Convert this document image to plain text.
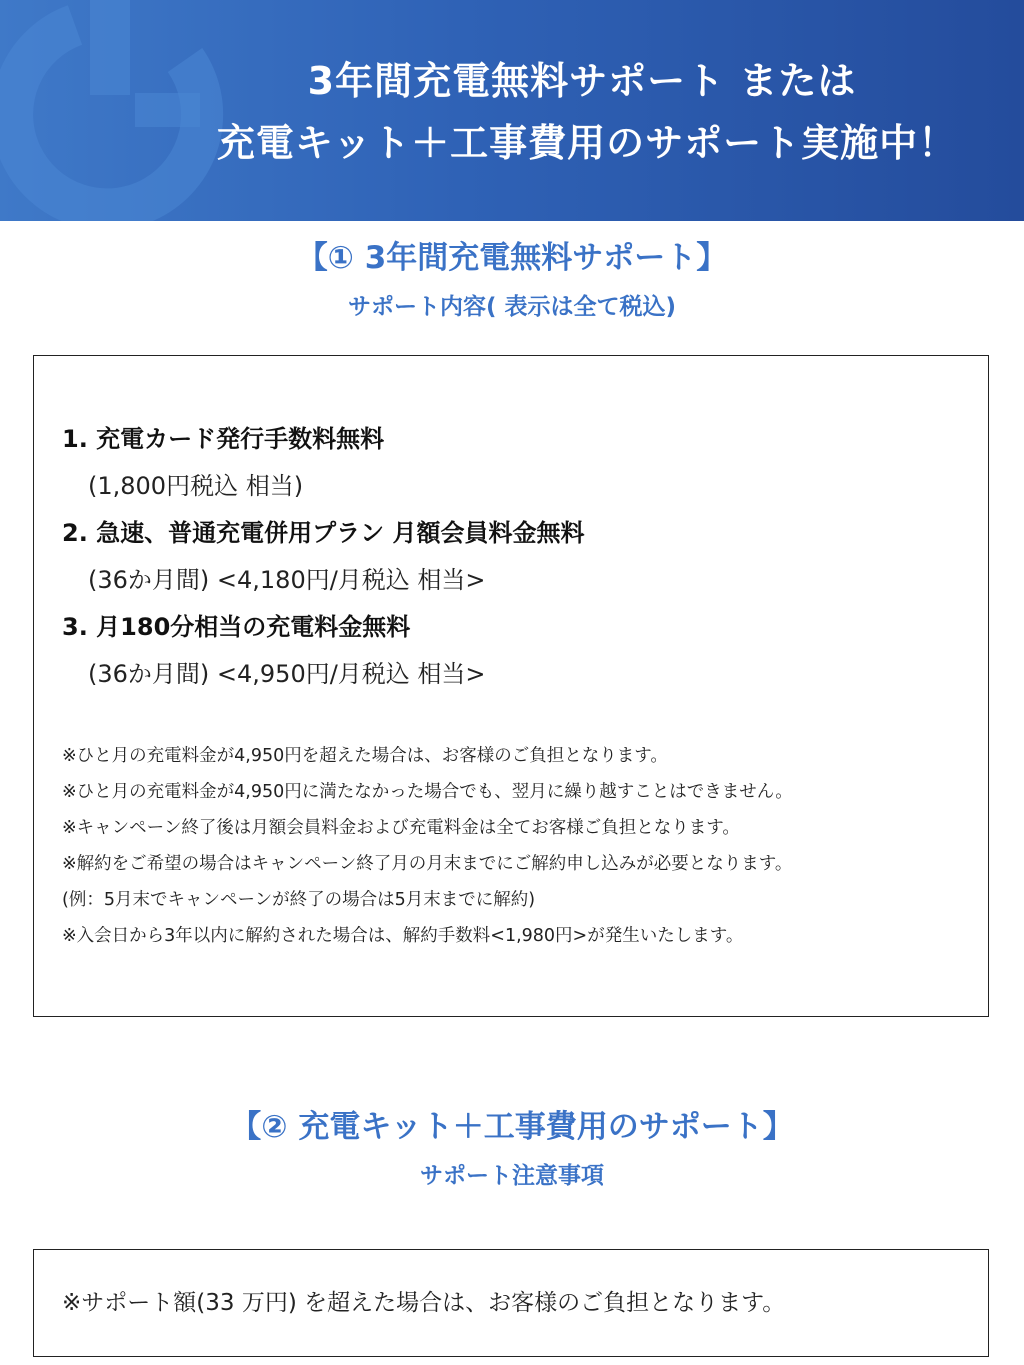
3年間充電無料サポート または
充電キット＋工事費用のサポート実施中！
【① 3年間充電無料サポート】
サポート内容( 表示は全て税込)
1. 充電カード発行手数料無料
(1,800円税込 相当)
2. 急速、普通充電併用プラン 月額会員料金無料
(36か月間) <4,180円/月税込 相当>
3. 月180分相当の充電料金無料
(36か月間) <4,950円/月税込 相当>
※ひと月の充電料金が4,950円を超えた場合は、お客様のご負担となります。
※ひと月の充電料金が4,950円に満たなかった場合でも、翌月に繰り越すことはできません。
※キャンペーン終了後は月額会員料金および充電料金は全てお客様ご負担となります。
※解約をご希望の場合はキャンペーン終了月の月末までにご解約申し込みが必要となります。
(例：5月末でキャンペーンが終了の場合は5月末までに解約)
※入会日から3年以内に解約された場合は、解約手数料<1,980円>が発生いたします。
【② 充電キット＋工事費用のサポート】
サポート注意事項
※サポート額(33 万円) を超えた場合は、お客様のご負担となります。
